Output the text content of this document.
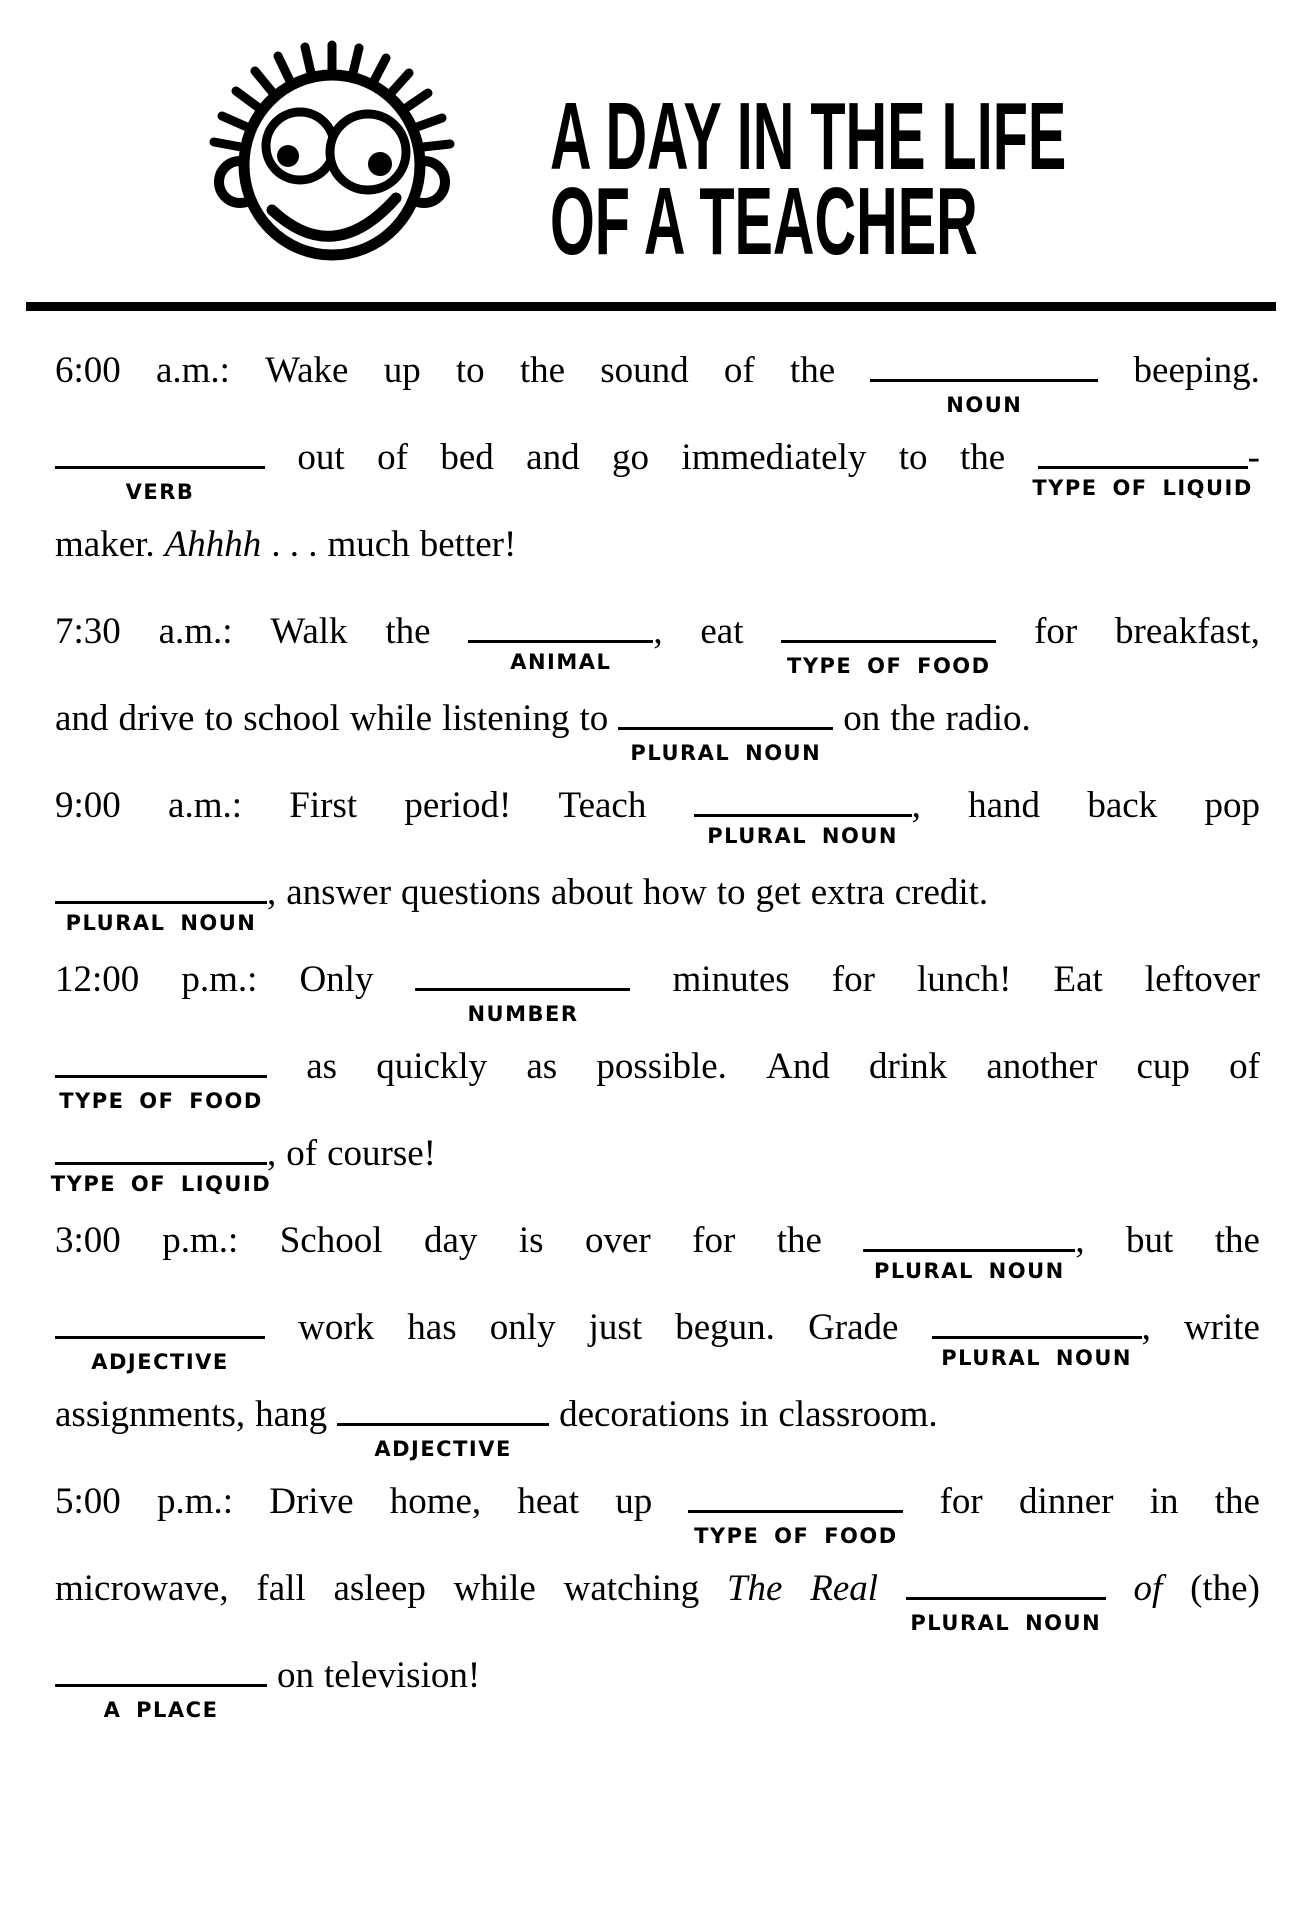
A DAY IN THE LIFE
OF A TEACHER
6:00 a.m.: Wake up to the sound of the
NOUN
beeping.
VERB
out of bed and go immediately to the	-
TYPE OF LIQUID
maker. Ahhhh . . . much better!
7:30 a.m.: Walk the	,
ANIMAL
eat
TYPE OF FOOD
for breakfast,
and drive to school while listening to
PLURAL NOUN
on the radio.
9:00 a.m.: First period! Teach	,
PLURAL NOUN
hand back pop
,
PLURAL NOUN
answer questions about how to get extra credit.
12:00 p.m.: Only
NUMBER
minutes for lunch! Eat leftover
TYPE OF FOOD
as quickly as possible. And drink another cup of
,
TYPE OF LIQUID
of course!
3:00 p.m.: School day is over for the	,
PLURAL NOUN
but the
ADJECTIVE
work has only just begun. Grade	,
PLURAL NOUN
write
assignments, hang
ADJECTIVE
decorations in classroom.
5:00 p.m.: Drive home, heat up
TYPE OF FOOD
for dinner in the
microwave, fall asleep while watching The Real
PLURAL NOUN
of (the)
A PLACE
on television!
